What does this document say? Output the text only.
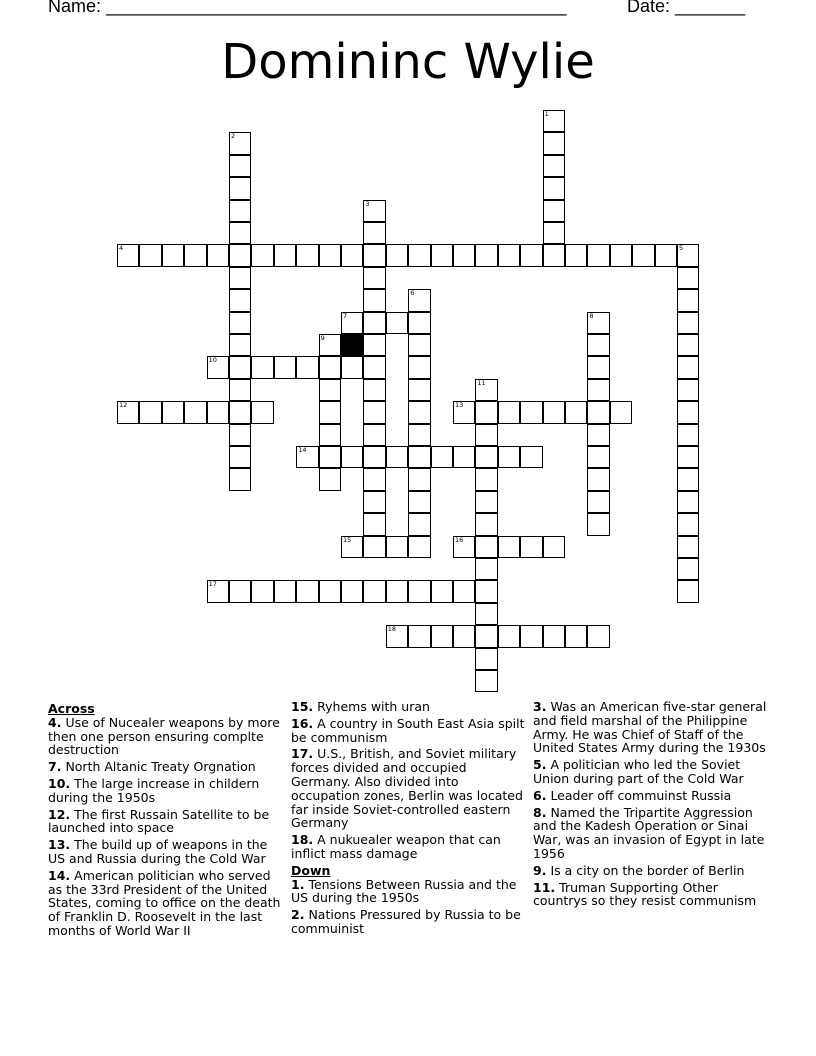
Name: ______________________________________________	Date: _______
Domininc Wylie
1
2
3
4	5
6
7	8
9
10
11
12	13
14
15	16
17
18
Across
4. Use of Nucealer weapons by more then one person ensuring complte destruction
7. North Altanic Treaty Orgnation
10. The large increase in childern during the 1950s
12. The first Russain Satellite to be launched into space
13. The build up of weapons in the US and Russia during the Cold War
14. American politician who served as the 33rd President of the United States, coming to office on the death of Franklin D. Roosevelt in the last months of World War II
15. Ryhems with uran
16. A country in South East Asia spilt be communism
17. U.S., British, and Soviet military forces divided and occupied Germany. Also divided into occupation zones, Berlin was located far inside Soviet-controlled eastern Germany
18. A nukuealer weapon that can inflict mass damage
Down
1. Tensions Between Russia and the US during the 1950s
2. Nations Pressured by Russia to be commuinist
3. Was an American five-star general and field marshal of the Philippine Army. He was Chief of Staff of the United States Army during the 1930s
5. A politician who led the Soviet Union during part of the Cold War
6. Leader off commuinst Russia
8. Named the Tripartite Aggression and the Kadesh Operation or Sinai War, was an invasion of Egypt in late 1956
9. Is a city on the border of Berlin
11. Truman Supporting Other countrys so they resist communism
